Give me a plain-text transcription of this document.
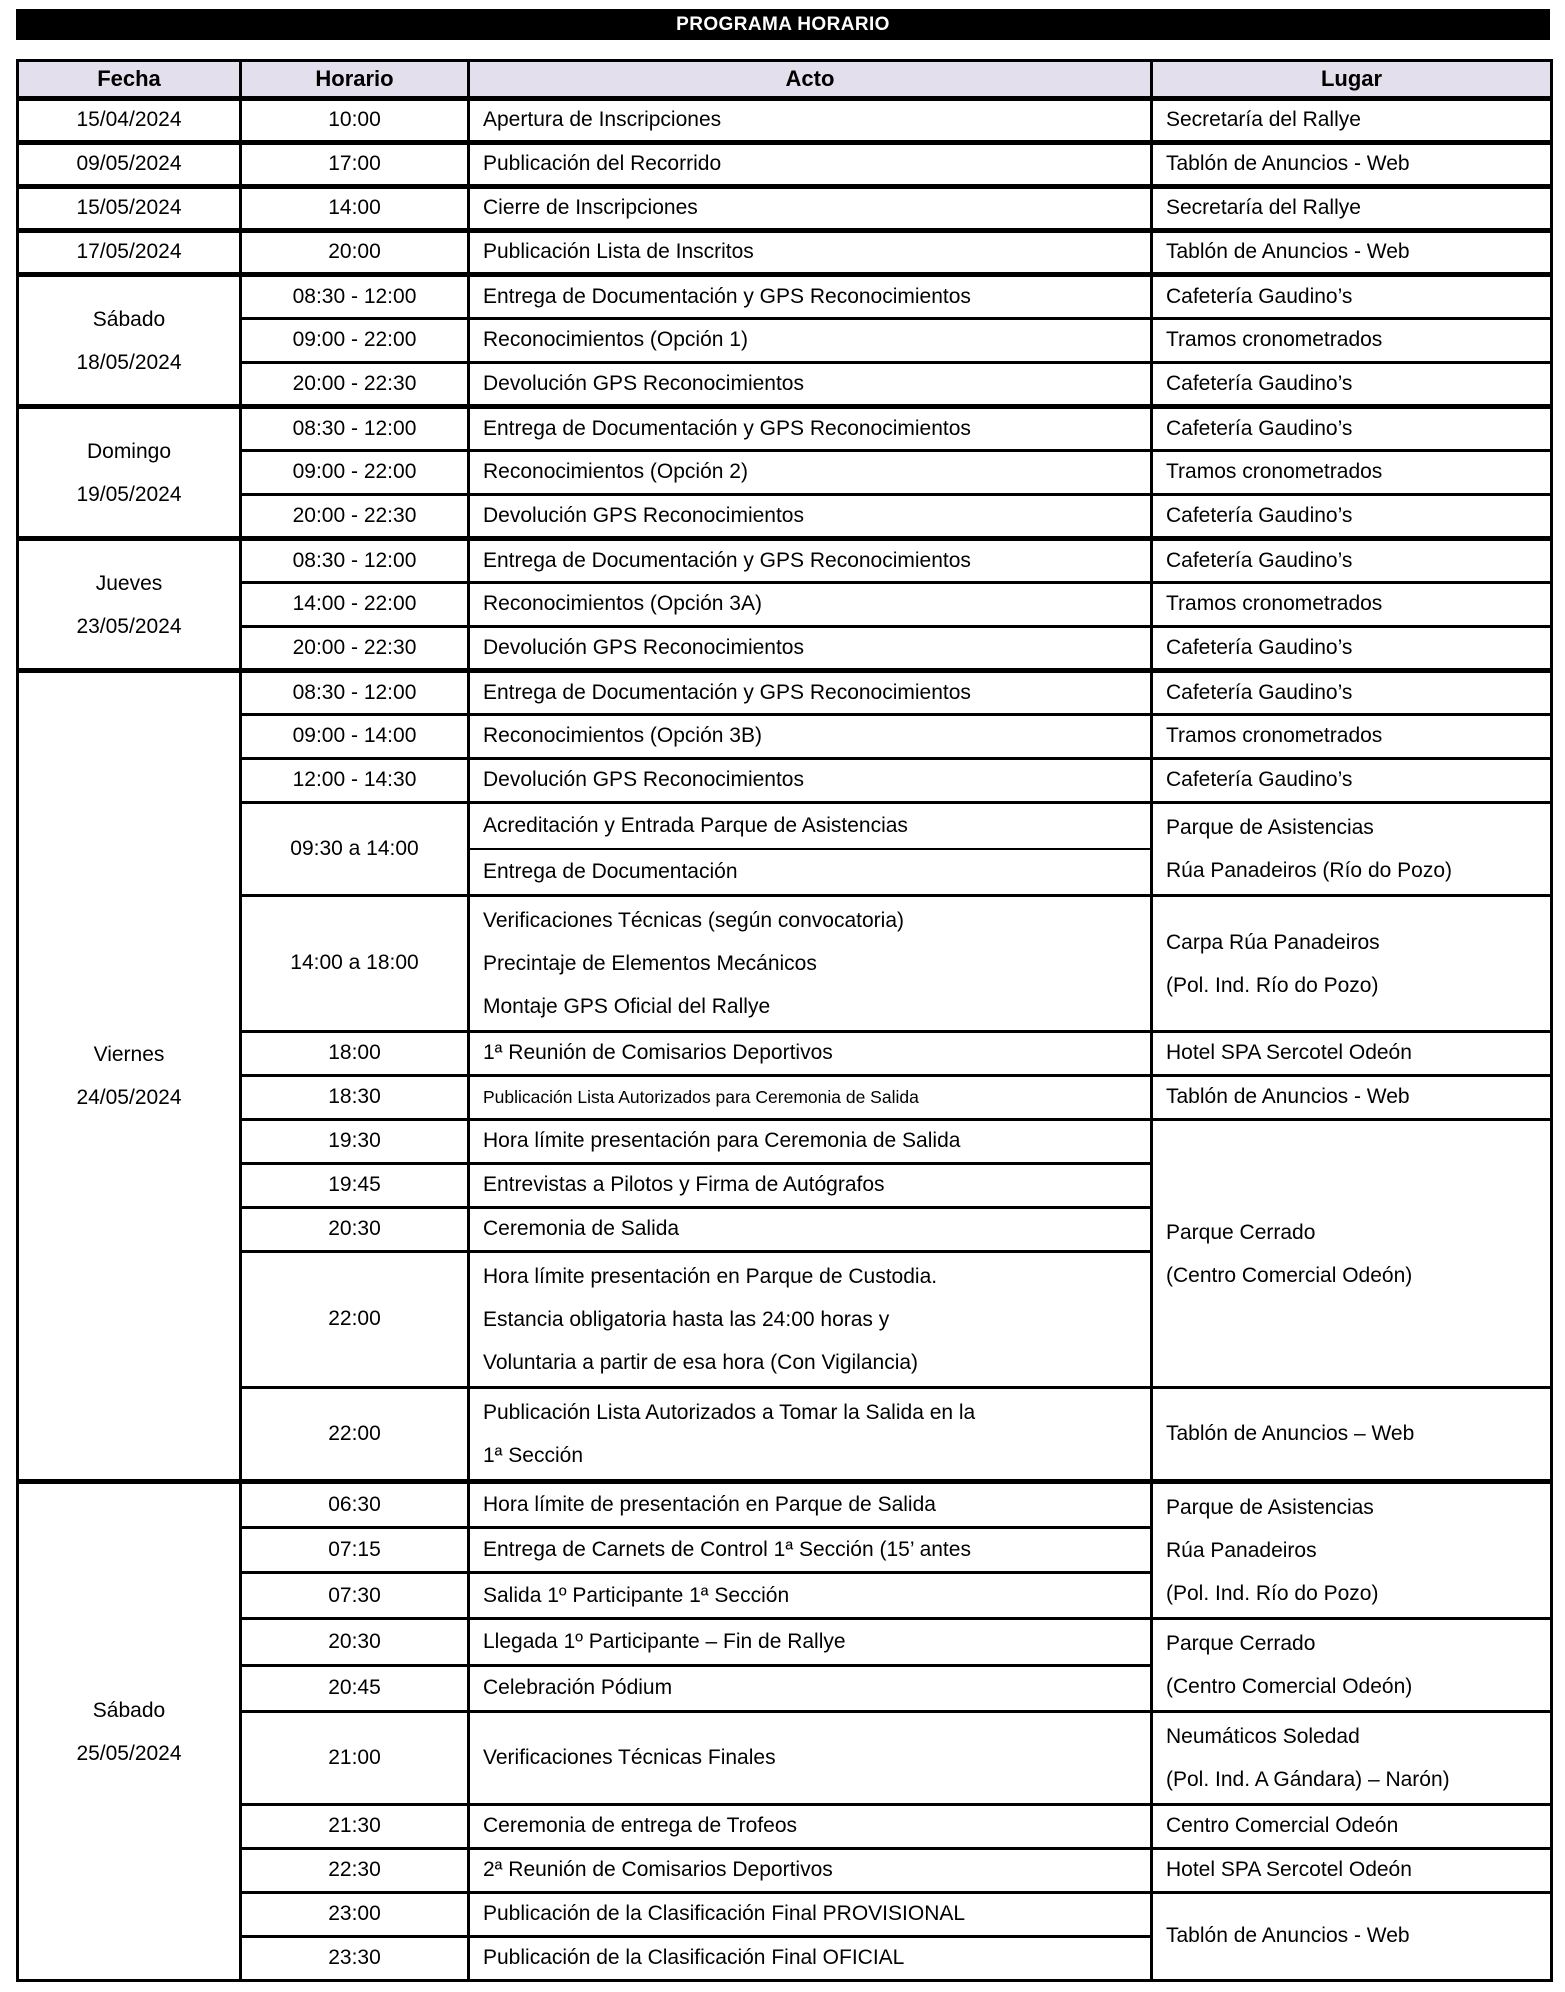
PROGRAMA HORARIO
Fecha	Horario	Acto	Lugar

15/04/2024	10:00	Apertura de Inscripciones	Secretaría del Rallye

09/05/2024	17:00	Publicación del Recorrido	Tablón de Anuncios - Web

15/05/2024	14:00	Cierre de Inscripciones	Secretaría del Rallye

17/05/2024	20:00	Publicación Lista de Inscritos	Tablón de Anuncios - Web

Sábado
18/05/2024	08:30 - 12:00	Entrega de Documentación y GPS Reconocimientos	Cafetería Gaudino’s

	09:00 - 22:00	Reconocimientos (Opción 1)	Tramos cronometrados

	20:00 - 22:30	Devolución GPS Reconocimientos	Cafetería Gaudino’s

Domingo
19/05/2024	08:30 - 12:00	Entrega de Documentación y GPS Reconocimientos	Cafetería Gaudino’s

	09:00 - 22:00	Reconocimientos (Opción 2)	Tramos cronometrados

	20:00 - 22:30	Devolución GPS Reconocimientos	Cafetería Gaudino’s

Jueves
23/05/2024	08:30 - 12:00	Entrega de Documentación y GPS Reconocimientos	Cafetería Gaudino’s

	14:00 - 22:00	Reconocimientos (Opción 3A)	Tramos cronometrados

	20:00 - 22:30	Devolución GPS Reconocimientos	Cafetería Gaudino’s

Viernes
24/05/2024	08:30 - 12:00	Entrega de Documentación y GPS Reconocimientos	Cafetería Gaudino’s

	09:00 - 14:00	Reconocimientos (Opción 3B)	Tramos cronometrados

	12:00 - 14:30	Devolución GPS Reconocimientos	Cafetería Gaudino’s

	09:30 a 14:00	Acreditación y Entrada Parque de Asistencias	Parque de Asistencias
Rúa Panadeiros (Río do Pozo)

		Entrega de Documentación	

	14:00 a 18:00	Verificaciones Técnicas (según convocatoria)
Precintaje de Elementos Mecánicos
Montaje GPS Oficial del Rallye	Carpa Rúa Panadeiros
(Pol. Ind. Río do Pozo)

	18:00	1ª Reunión de Comisarios Deportivos	Hotel SPA Sercotel Odeón

	18:30	Publicación Lista Autorizados para Ceremonia de Salida	Tablón de Anuncios - Web

	19:30	Hora límite presentación para Ceremonia de Salida	Parque Cerrado
(Centro Comercial Odeón)

	19:45	Entrevistas a Pilotos y Firma de Autógrafos	

	20:30	Ceremonia de Salida	

	22:00	Hora límite presentación en Parque de Custodia.
Estancia obligatoria hasta las 24:00 horas y
Voluntaria a partir de esa hora (Con Vigilancia)	

	22:00	Publicación Lista Autorizados a Tomar la Salida en la
1ª Sección	Tablón de Anuncios – Web

Sábado
25/05/2024	06:30	Hora límite de presentación en Parque de Salida	Parque de Asistencias
Rúa Panadeiros
(Pol. Ind. Río do Pozo)

	07:15	Entrega de Carnets de Control 1ª Sección (15’ antes	

	07:30	Salida 1º Participante 1ª Sección	

	20:30	Llegada 1º Participante – Fin de Rallye	Parque Cerrado
(Centro Comercial Odeón)

	20:45	Celebración Pódium	

	21:00	Verificaciones Técnicas Finales	Neumáticos Soledad
(Pol. Ind. A Gándara) – Narón)

	21:30	Ceremonia de entrega de Trofeos	Centro Comercial Odeón

	22:30	2ª Reunión de Comisarios Deportivos	Hotel SPA Sercotel Odeón

	23:00	Publicación de la Clasificación Final PROVISIONAL	Tablón de Anuncios - Web

	23:30	Publicación de la Clasificación Final OFICIAL	
